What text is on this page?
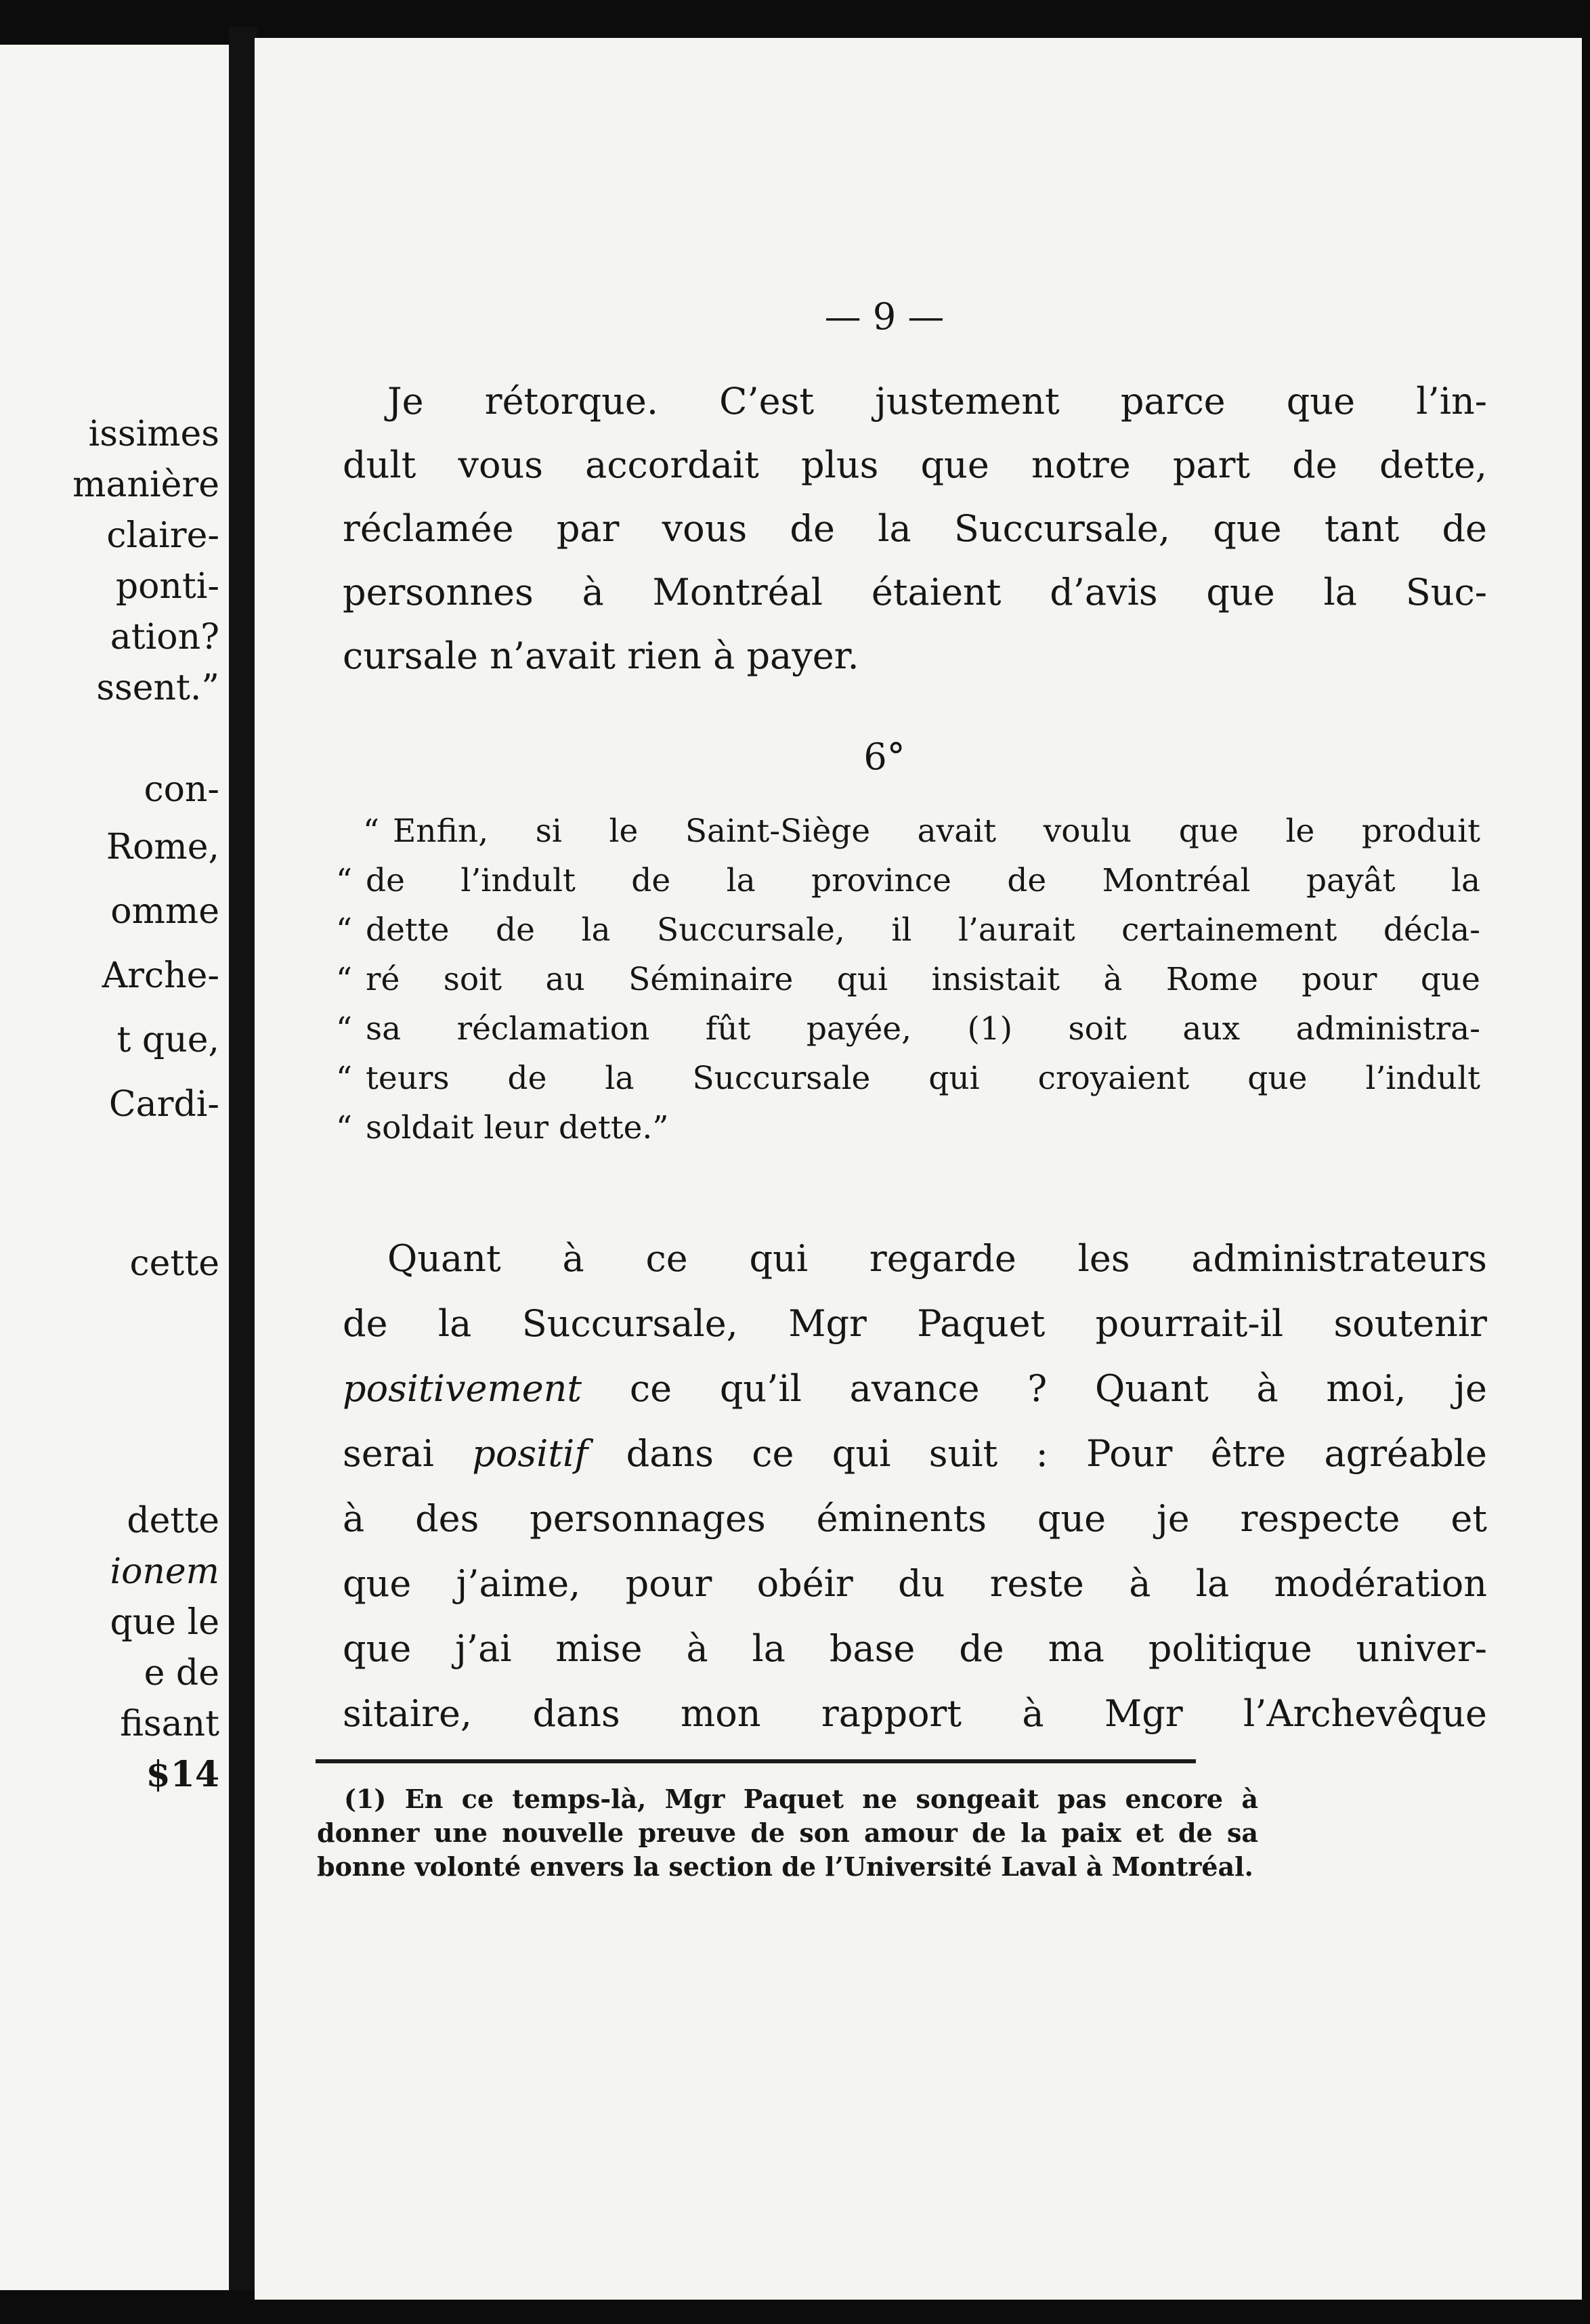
issimes
manière
claire-
ponti-
ation?
ssent.”
con-
Rome,
omme
Arche-
t que,
Cardi-
cette
dette
ionem
que le
e de
fisant
$14
— 9 —
Je rétorque. C’est justement parce que l’in-
dult vous accordait plus que notre part de dette,
réclamée par vous de la Succursale, que tant de
personnes à Montréal étaient d’avis que la Suc-
cursale n’avait rien à payer.
6°
“ Enfin, si le Saint-Siège avait voulu que le produit
“ de l’indult de la province de Montréal payât la
“ dette de la Succursale, il l’aurait certainement décla-
“ ré soit au Séminaire qui insistait à Rome pour que
“ sa réclamation fût payée, (1) soit aux administra-
“ teurs de la Succursale qui croyaient que l’indult
“ soldait leur dette.”
Quant à ce qui regarde les administrateurs
de la Succursale, Mgr Paquet pourrait-il soutenir
positivement ce qu’il avance ? Quant à moi, je
serai positif dans ce qui suit : Pour être agréable
à des personnages éminents que je respecte et
que j’aime, pour obéir du reste à la modération
que j’ai mise à la base de ma politique univer-
sitaire, dans mon rapport à Mgr l’Archevêque

(1) En ce temps-là, Mgr Paquet ne songeait pas encore à donner une nouvelle preuve de son amour de la paix et de sa bonne volonté envers la section de l’Université Laval à Montréal.
